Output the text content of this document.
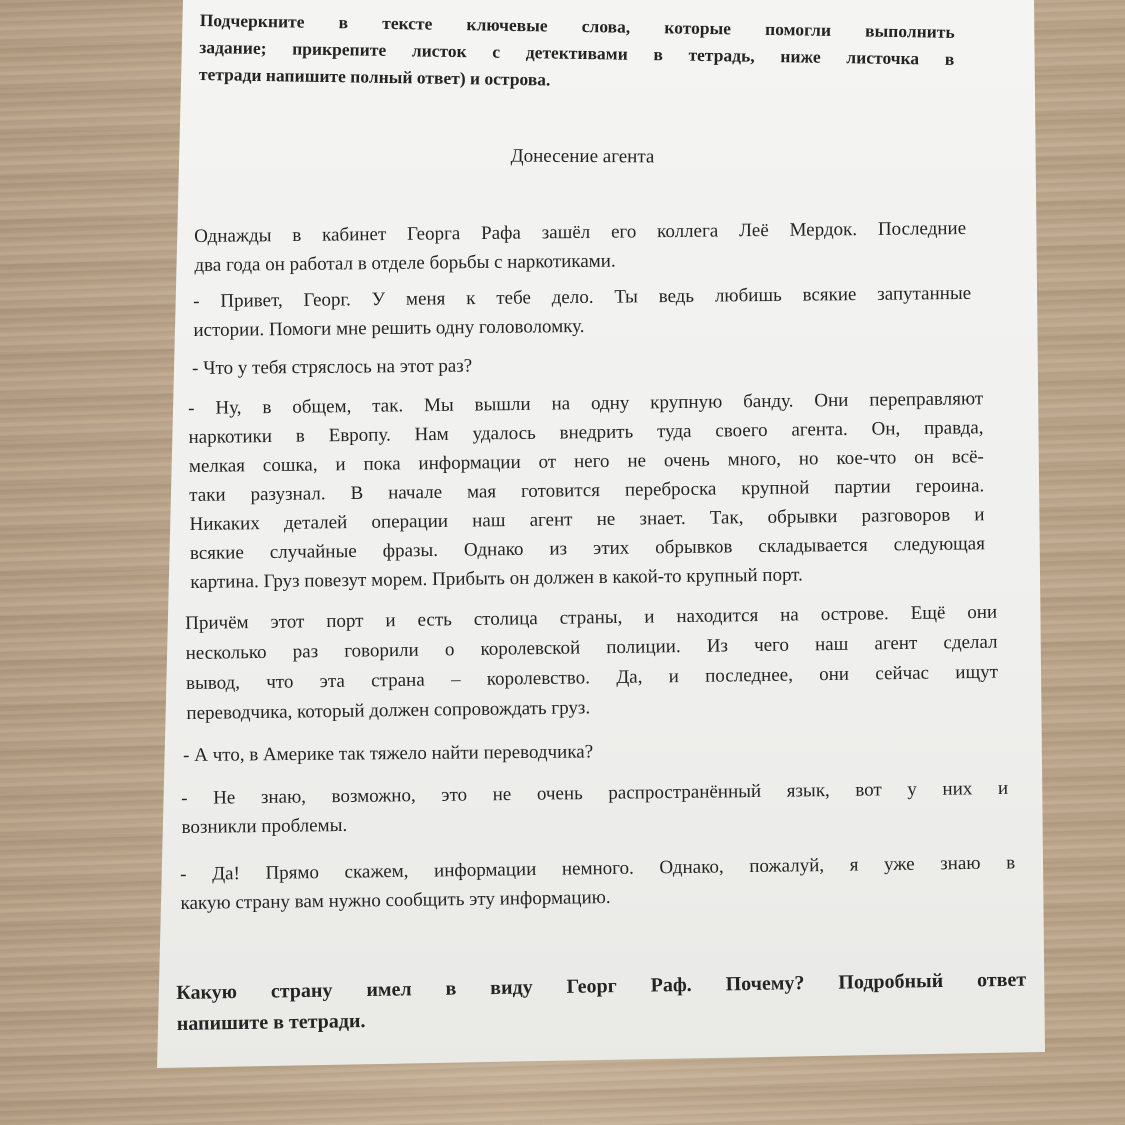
Подчеркните в тексте ключевые слова, которые помогли выполнить
задание; прикрепите листок с детективами в тетрадь, ниже листочка в
тетради напишите полный ответ) и острова.

Донесение агента

Однажды в кабинет Георга Рафа зашёл его коллега Леё Мердок. Последние
два года он работал в отделе борьбы с наркотиками.

- Привет, Георг. У меня к тебе дело. Ты ведь любишь всякие запутанные
истории. Помоги мне решить одну головоломку.

- Что у тебя стряслось на этот раз?

- Ну, в общем, так. Мы вышли на одну крупную банду. Они переправляют
наркотики в Европу. Нам удалось внедрить туда своего агента. Он, правда,
мелкая сошка, и пока информации от него не очень много, но кое-что он всё-
таки разузнал. В начале мая готовится переброска крупной партии героина.
Никаких деталей операции наш агент не знает. Так, обрывки разговоров и
всякие случайные фразы. Однако из этих обрывков складывается следующая
картина. Груз повезут морем. Прибыть он должен в какой-то крупный порт.

Причём этот порт и есть столица страны, и находится на острове. Ещё они
несколько раз говорили о королевской полиции. Из чего наш агент сделал
вывод, что эта страна – королевство. Да, и последнее, они сейчас ищут
переводчика, который должен сопровождать груз.

- А что, в Америке так тяжело найти переводчика?

- Не знаю, возможно, это не очень распространённый язык, вот у них и
возникли проблемы.

- Да! Прямо скажем, информации немного. Однако, пожалуй, я уже знаю в
какую страну вам нужно сообщить эту информацию.

Какую страну имел в виду Георг Раф. Почему? Подробный ответ
напишите в тетради.
